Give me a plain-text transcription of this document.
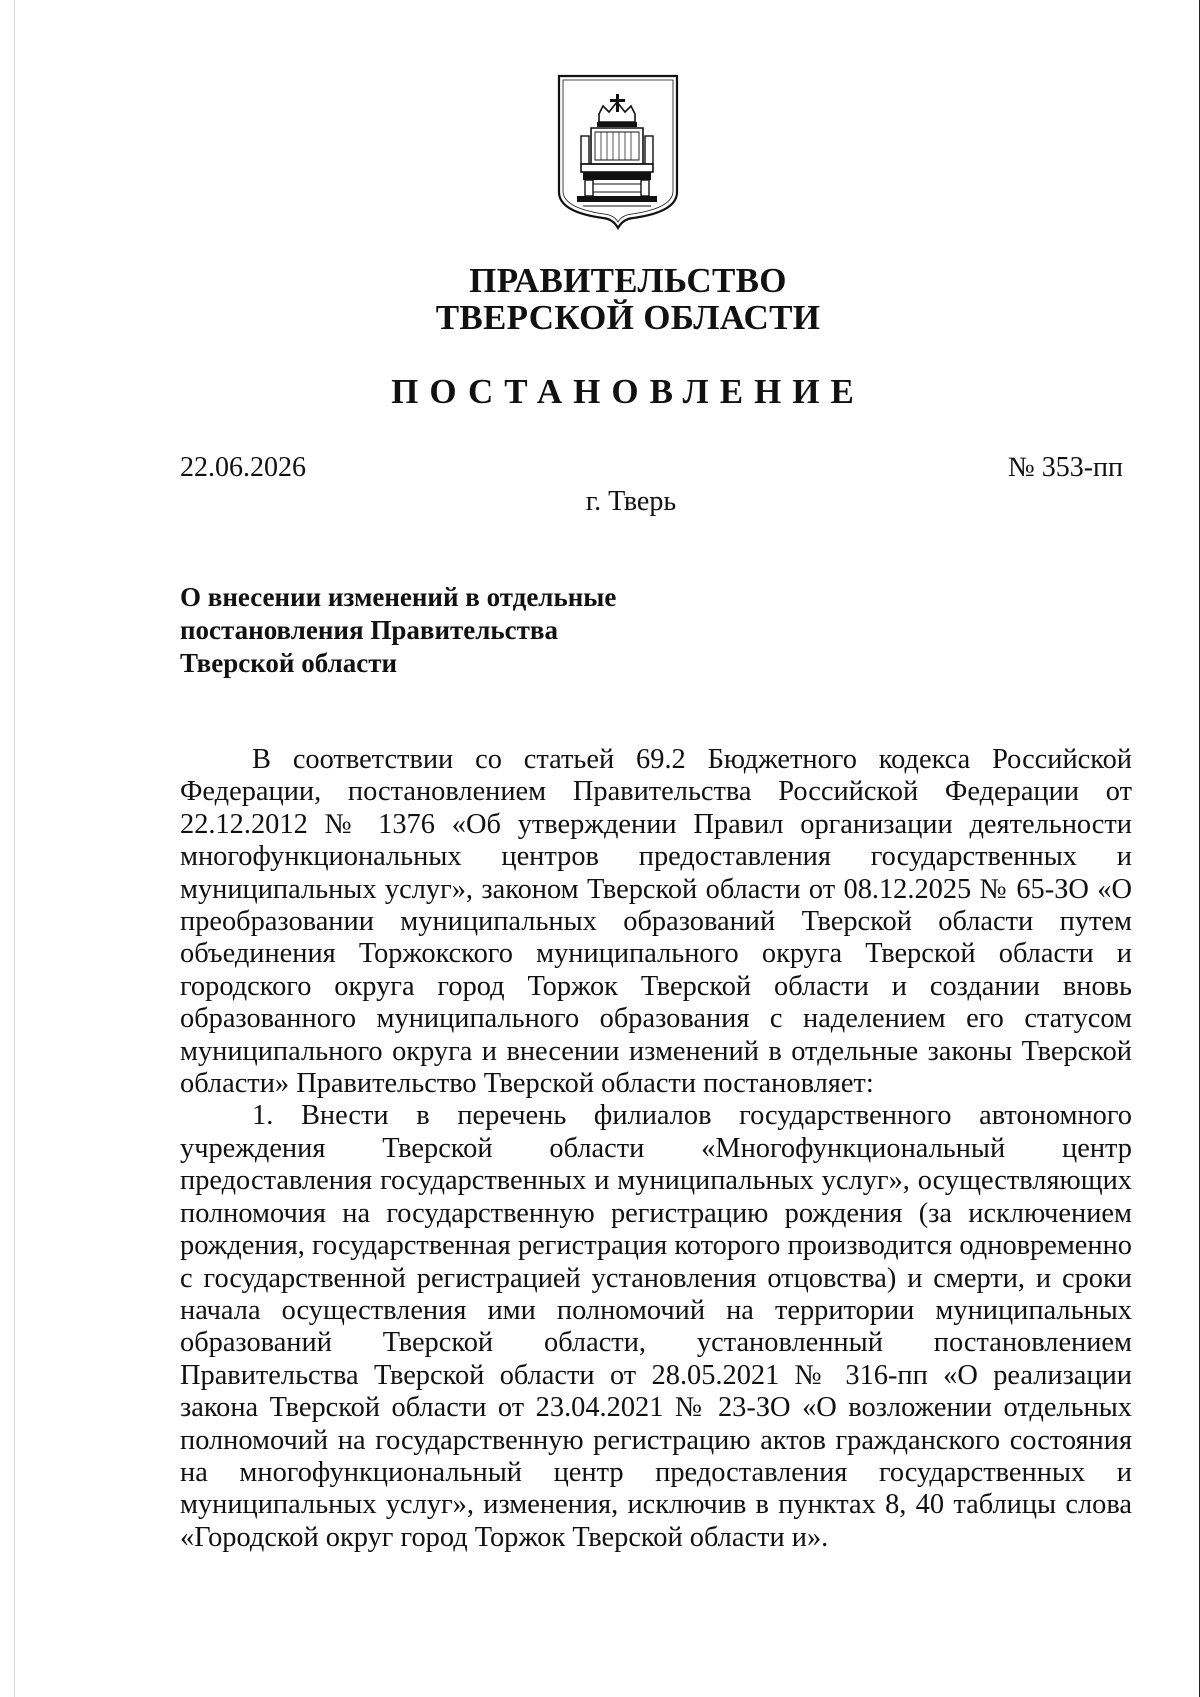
ПРАВИТЕЛЬСТВО
ТВЕРСКОЙ ОБЛАСТИ
ПОСТАНОВЛЕНИЕ
22.06.2026	№ 353-пп
г. Тверь
О внесении изменений в отдельные
постановления Правительства
Тверской области

В соответствии со статьей 69.2 Бюджетного кодекса Российской Федерации, постановлением Правительства Российской Федерации от 22.12.2012 № 1376 «Об утверждении Правил организации деятельности многофункциональных центров предоставления государственных и муниципальных услуг», законом Тверской области от 08.12.2025 № 65-ЗО «О преобразовании муниципальных образований Тверской области путем объединения Торжокского муниципального округа Тверской области и городского округа город Торжок Тверской области и создании вновь образованного муниципального образования с наделением его статусом муниципального округа и внесении изменений в отдельные законы Тверской области» Правительство Тверской области постановляет:

1. Внести в перечень филиалов государственного автономного учреждения Тверской области «Многофункциональный центр предоставления государственных и муниципальных услуг», осуществляющих полномочия на государственную регистрацию рождения (за исключением рождения, государственная регистрация которого производится одновременно с государственной регистрацией установления отцовства) и смерти, и сроки начала осуществления ими полномочий на территории муниципальных образований Тверской области, установленный постановлением Правительства Тверской области от 28.05.2021 № 316-пп «О реализации закона Тверской области от 23.04.2021 № 23-ЗО «О возложении отдельных полномочий на государственную регистрацию актов гражданского состояния на многофункциональный центр предоставления государственных и муниципальных услуг», изменения, исключив в пунктах 8, 40 таблицы слова «Городской округ город Торжок Тверской области и».
